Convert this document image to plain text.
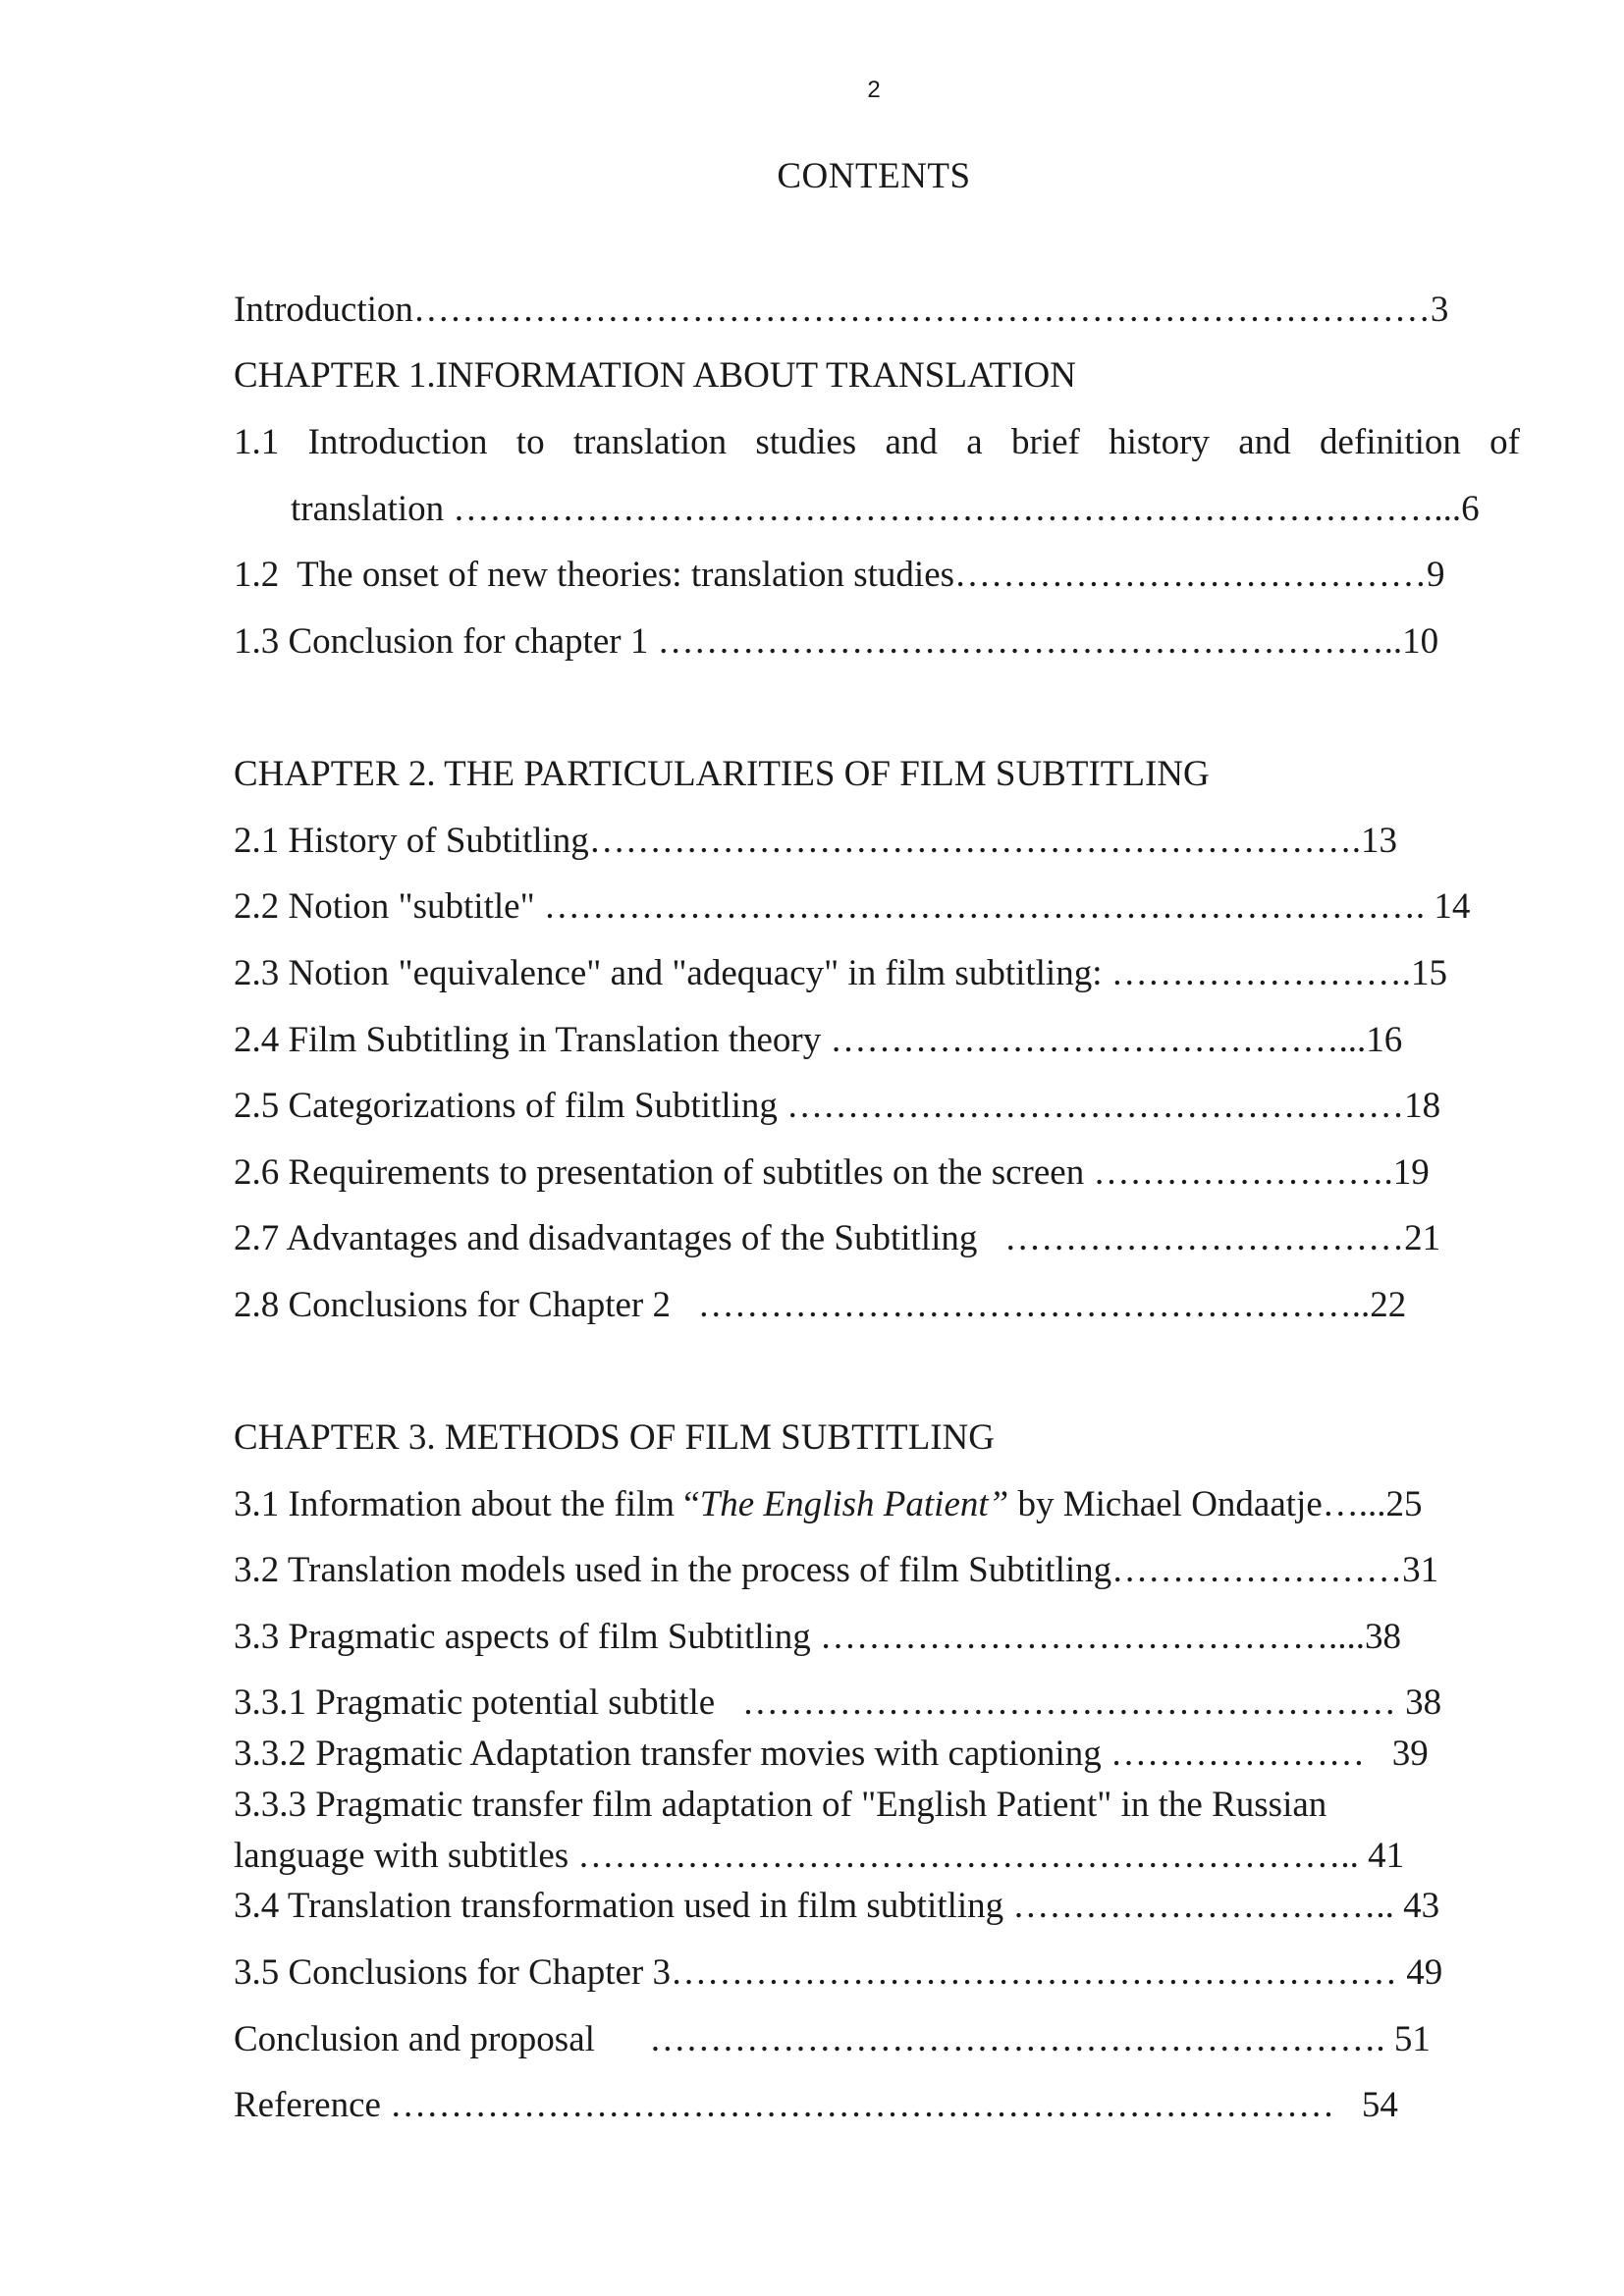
2
CONTENTS
Introduction…………………………………………………………………………3
CHAPTER 1.INFORMATION ABOUT TRANSLATION
1.1 Introduction to translation studies and a brief history and definition of
translation ………………………………………………………………………...6
1.2  The onset of new theories: translation studies…………………………………9
1.3 Conclusion for chapter 1 ……………………………………………………..10
CHAPTER 2. THE PARTICULARITIES OF FILM SUBTITLING
2.1 History of Subtitling……………………………………………………….13
2.2 Notion "subtitle" ………………………………………………………………. 14
2.3 Notion "equivalence" and "adequacy" in film subtitling: …………………….15
2.4 Film Subtitling in Translation theory ……………………………………...16
2.5 Categorizations of film Subtitling ……………………………………………18
2.6 Requirements to presentation of subtitles on the screen …………………….19
2.7 Advantages and disadvantages of the Subtitling   ……………………………21
2.8 Conclusions for Chapter 2   ………………………………………………..22
CHAPTER 3. METHODS OF FILM SUBTITLING
3.1 Information about the film “The English Patient” by Michael Ondaatje…...25
3.2 Translation models used in the process of film Subtitling……………………31
3.3 Pragmatic aspects of film Subtitling ……………………………………....38
3.3.1 Pragmatic potential subtitle   ……………………………………………… 38
3.3.2 Pragmatic Adaptation transfer movies with captioning …………………   39
3.3.3 Pragmatic transfer film adaptation of "English Patient" in the Russian
language with subtitles ……………………………………………………….. 41
3.4 Translation transformation used in film subtitling ………………………….. 43
3.5 Conclusions for Chapter 3…………………………………………………… 49
Conclusion and proposal      ……………………………………………………. 51
Reference ……………………………………………………………………   54
